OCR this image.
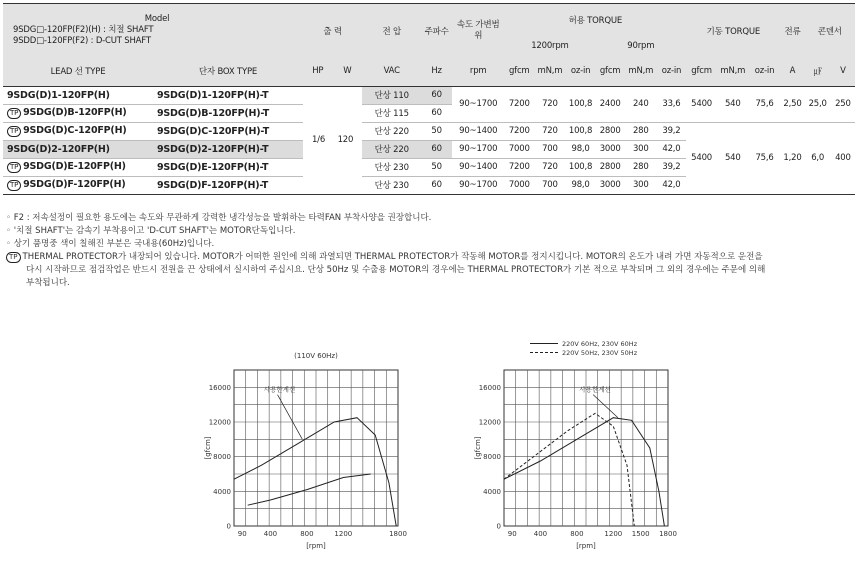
Model
9SDG□-120FP(F2)(H) : 치절 SHAFT
9SDD□-120FP(F2) : D-CUT SHAFT		출 력		전 압	주파수	속도 가변범위	허용 TORQUE						기동 TORQUE			전류	콘덴서	
							1200rpm			90rpm								
LEAD 선 TYPE	단자 BOX TYPE	HP	W	VAC	Hz	rpm	gfcm	mN,m	oz-in	gfcm	mN,m	oz-in	gfcm	mN,m	oz-in	A	㎌	V
9SDG(D)1-120FP(H)	9SDG(D)1-120FP(H)-T	1/6 120		단상 110	60	90~1700	7200	720	100,8	2400	240	33,6	5400	540	75,6	2,50	25,0	250
TP 9SDG(D)B-120FP(H)	9SDG(D)B-120FP(H)-T			단상 115	60													
TP 9SDG(D)C-120FP(H)	9SDG(D)C-120FP(H)-T			단상 220	50	90~1400	7200	720	100,8	2800	280	39,2	5400	540	75,6	1,20	6,0	400
9SDG(D)2-120FP(H)	9SDG(D)2-120FP(H)-T			단상 220	60	90~1700	7000	700	98,0	3000	300	42,0						
TP 9SDG(D)E-120FP(H)	9SDG(D)E-120FP(H)-T			단상 230	50	90~1400	7200	720	100,8	2800	280	39,2						
TP 9SDG(D)F-120FP(H)	9SDG(D)F-120FP(H)-T			단상 230	60	90~1700	7000	700	98,0	3000	300	42,0						
◦ F2 : 저속설정이 필요한 용도에는 속도와 무관하게 강력한 냉각성능을 발휘하는 타력FAN 부착사양을 권장합니다.
◦ '치절 SHAFT'는 감속기 부착용이고 'D-CUT SHAFT'는 MOTOR단독입니다.
◦ 상기 품명중 색이 칠해진 부분은 국내용(60Hz)입니다.
TP THERMAL PROTECTOR가 내장되어 있습니다. MOTOR가 어떠한 원인에 의해 과열되면 THERMAL PROTECTOR가 작동해 MOTOR를 정지시킵니다. MOTOR의 온도가 내려 가면 자동적으로 운전을
다시 시작하므로 점검작업은 반드시 전원을 끈 상태에서 실시하여 주십시요. 단상 50Hz 및 수출용 MOTOR의 경우에는 THERMAL PROTECTOR가 기본 적으로 부착되며 그 외의 경우에는 주문에 의해
부착됩니다.
90 400	800	1200	1800
0
4000
8000
12000
16000
[rpm]
[gfcm]
(110V 60Hz)
사용한계선
90 400	800	1200 1500 1800
0
4000
8000
12000
16000
[rpm]
[gfcm]
사용한계선
220V 60Hz, 230V 60Hz
220V 50Hz, 230V 50Hz
